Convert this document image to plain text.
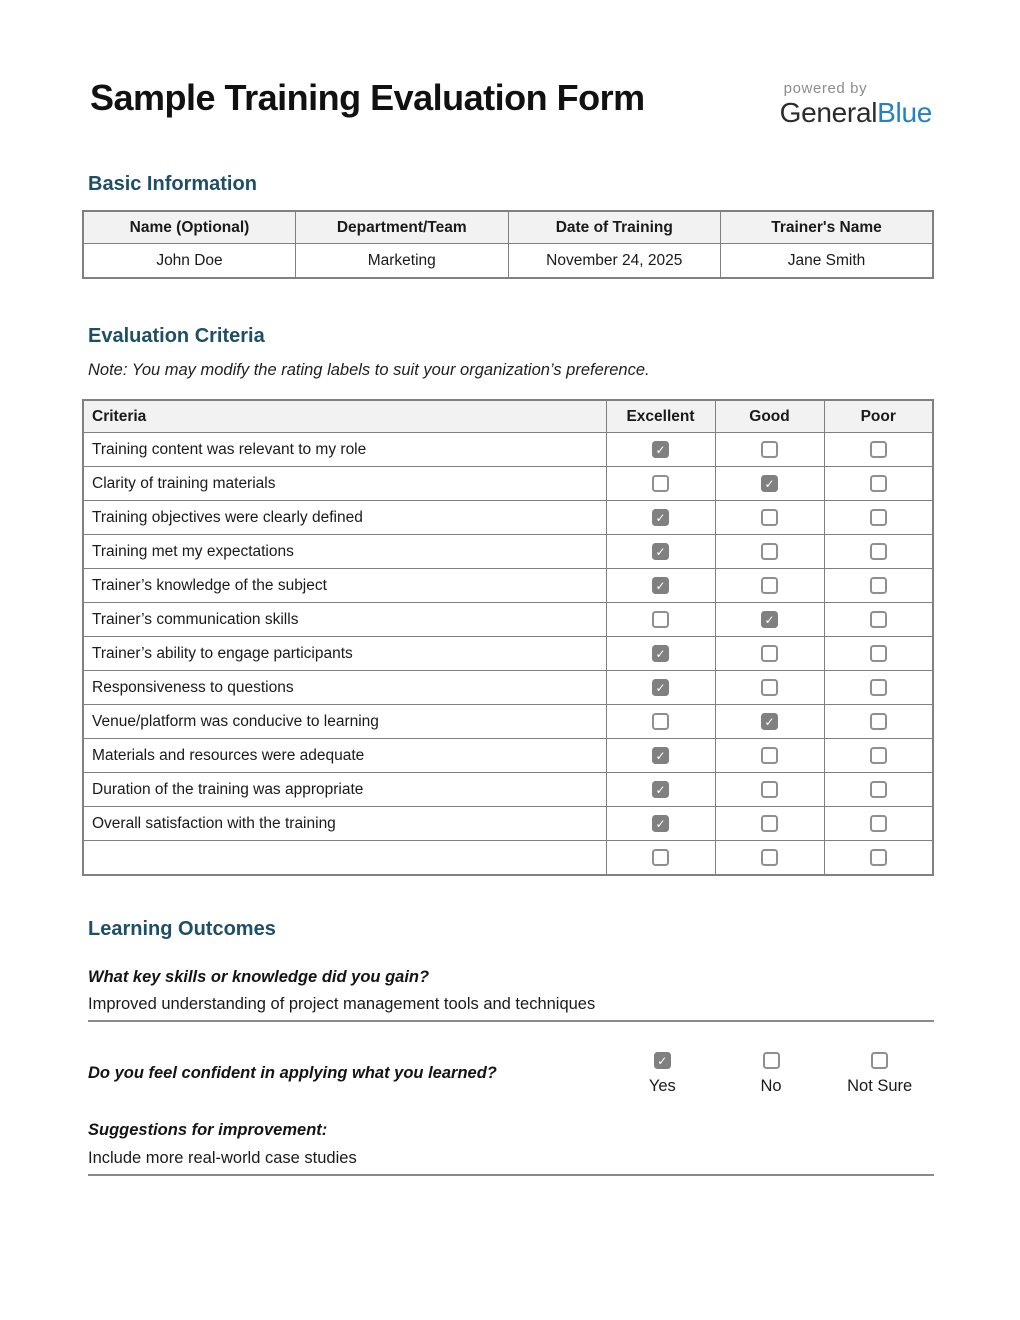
Sample Training Evaluation Form	powered by
GeneralBlue
Basic Information
Name (Optional)	Department/Team	Date of Training	Trainer's Name
John Doe	Marketing	November 24, 2025	Jane Smith
Evaluation Criteria

Note: You may modify the rating labels to suit your organization’s preference.

Criteria	Excellent	Good	Poor
Training content was relevant to my role	✓		
Clarity of training materials		✓	
Training objectives were clearly defined	✓		
Training met my expectations	✓		
Trainer’s knowledge of the subject	✓		
Trainer’s communication skills		✓	
Trainer’s ability to engage participants	✓		
Responsiveness to questions	✓		
Venue/platform was conducive to learning		✓	
Materials and resources were adequate	✓		
Duration of the training was appropriate	✓		
Overall satisfaction with the training	✓		

Learning Outcomes

What key skills or knowledge did you gain?

Improved understanding of project management tools and techniques

Do you feel confident in applying what you learned?

✓
Yes	No	Not Sure

Suggestions for improvement:

Include more real-world case studies
